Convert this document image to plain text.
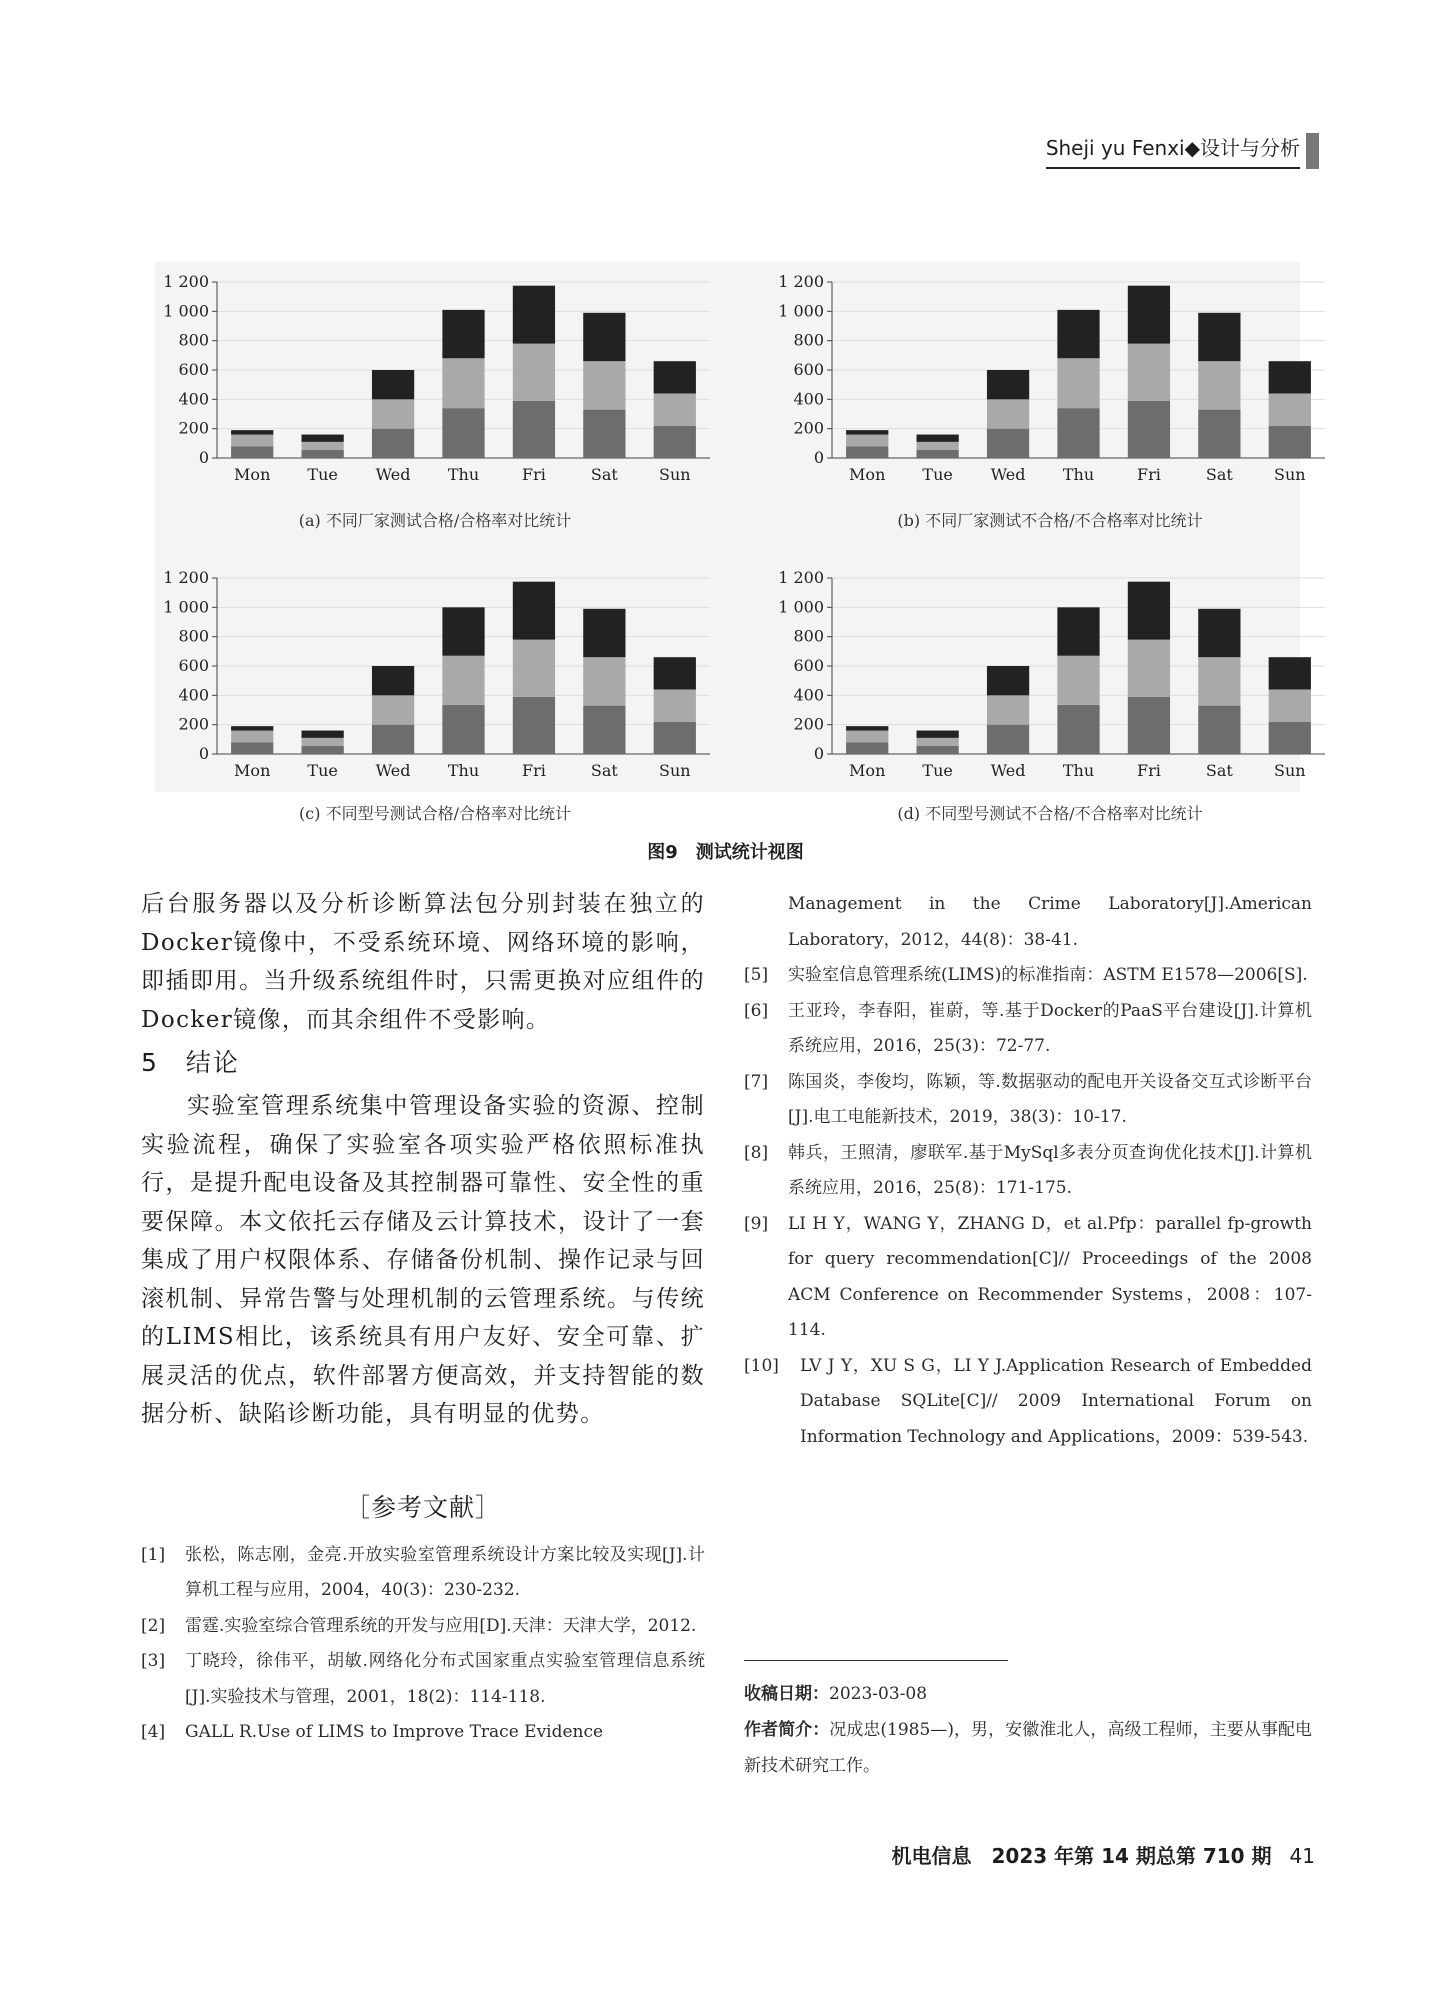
Sheji yu Fenxi◆设计与分析
0
200
400
600
800
1 000
1 200
Mon Tue Wed Thu	Fri	Sat	Sun
0
200
400
600
800
1 000
1 200
Mon Tue Wed Thu	Fri	Sat	Sun
0
200
400
600
800
1 000
1 200
Mon Tue Wed Thu	Fri	Sat	Sun
0
200
400
600
800
1 000
1 200
Mon Tue Wed Thu	Fri	Sat	Sun
(a) 不同厂家测试合格/合格率对比统计	(b) 不同厂家测试不合格/不合格率对比统计
(c) 不同型号测试合格/合格率对比统计	(d) 不同型号测试不合格/不合格率对比统计
图9　测试统计视图

后台服务器以及分析诊断算法包分别封装在独立的Docker镜像中，不受系统环境、网络环境的影响，即插即用。当升级系统组件时，只需更换对应组件的Docker镜像，而其余组件不受影响。

5　结论

实验室管理系统集中管理设备实验的资源、控制实验流程，确保了实验室各项实验严格依照标准执行，是提升配电设备及其控制器可靠性、安全性的重要保障。本文依托云存储及云计算技术，设计了一套集成了用户权限体系、存储备份机制、操作记录与回滚机制、异常告警与处理机制的云管理系统。与传统的LIMS相比，该系统具有用户友好、安全可靠、扩展灵活的优点，软件部署方便高效，并支持智能的数据分析、缺陷诊断功能，具有明显的优势。

［参考文献］
[1]	张松，陈志刚，金亮.开放实验室管理系统设计方案比较及实现[J].计算机工程与应用，2004，40(3)：230-232.
[2]	雷霆.实验室综合管理系统的开发与应用[D].天津：天津大学，2012.
[3]	丁晓玲，徐伟平，胡敏.网络化分布式国家重点实验室管理信息系统[J].实验技术与管理，2001，18(2)：114-118.
[4]	GALL R.Use of LIMS to Improve Trace Evidence
Management in the Crime Laboratory[J].American Laboratory，2012，44(8)：38-41.
[5]	实验室信息管理系统(LIMS)的标准指南：ASTM E1578—2006[S].
[6]	王亚玲，李春阳，崔蔚，等.基于Docker的PaaS平台建设[J].计算机系统应用，2016，25(3)：72-77.
[7]	陈国炎，李俊均，陈颖，等.数据驱动的配电开关设备交互式诊断平台[J].电工电能新技术，2019，38(3)：10-17.
[8]	韩兵，王照清，廖联军.基于MySql多表分页查询优化技术[J].计算机系统应用，2016，25(8)：171-175.
[9]	LI H Y，WANG Y，ZHANG D，et al.Pfp：parallel fp-growth for query recommendation[C]// Proceedings of the 2008 ACM Conference on Recommender Systems，2008：107-114.
[10]	LV J Y，XU S G，LI Y J.Application Research of Embedded Database SQLite[C]// 2009 International Forum on Information Technology and Applications，2009：539-543.
收稿日期：2023-03-08
作者简介：况成忠(1985—)，男，安徽淮北人，高级工程师，主要从事配电新技术研究工作。
机电信息　2023 年第 14 期总第 710 期 41
